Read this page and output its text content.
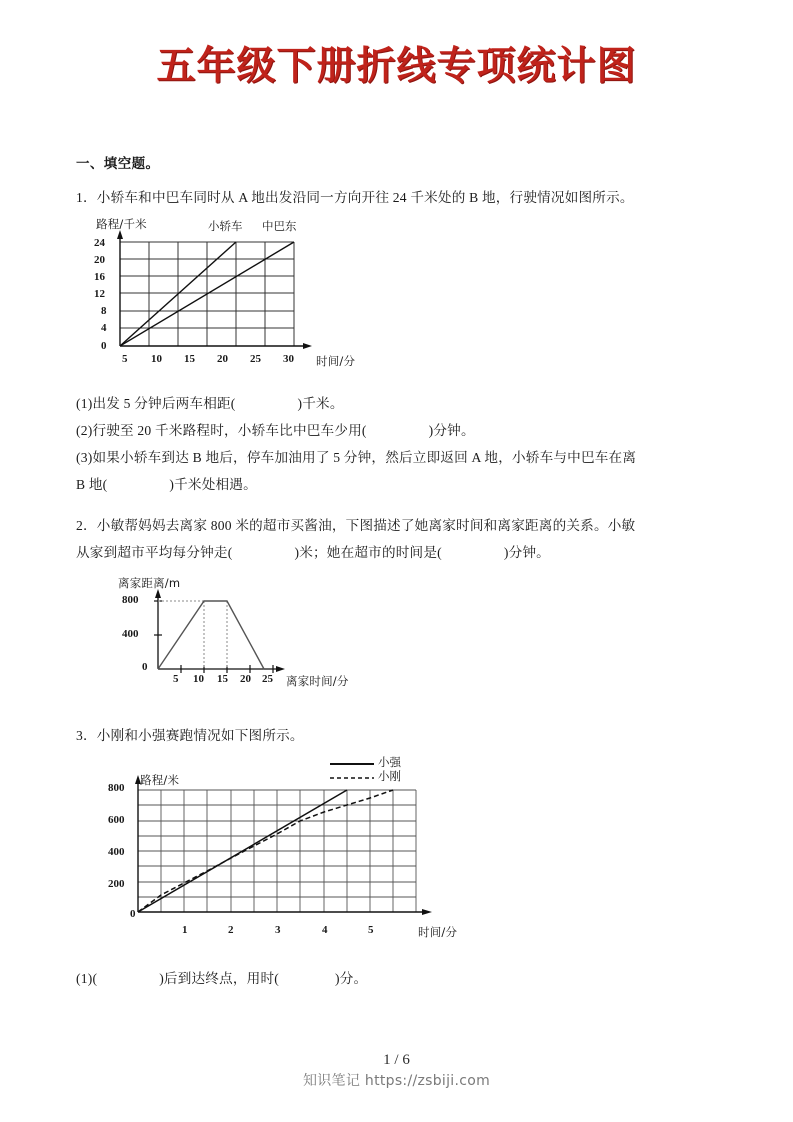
五年级下册折线专项统计图
一、填空题。
1．小轿车和中巴车同时从 A 地出发沿同一方向开往 24 千米处的 B 地，行驶情况如图所示。
路程/千米	小轿车 中巴东
时间/分
24
20
16
12
8
4
0
5 10 15 20 25 30
(1)出发 5 分钟后两车相距(	)千米。
(2)行驶至 20 千米路程时，小轿车比中巴车少用(	)分钟。
(3)如果小轿车到达 B 地后，停车加油用了 5 分钟，然后立即返回 A 地，小轿车与中巴车在离
B 地(	)千米处相遇。
2．小敏帮妈妈去离家 800 米的超市买酱油，下图描述了她离家时间和离家距离的关系。小敏
从家到超市平均每分钟走(	)米；她在超市的时间是(	)分钟。
离家距离/m
离家时间/分
800
400
0
5 10 15 20 25
3．小刚和小强赛跑情况如下图所示。
路程/米
时间/分
小强
小刚
800
600
400
200
0
1	2	3	4	5
(1)(	)后到达终点，用时(	)分。
1 / 6
知识笔记 https://zsbiji.com
